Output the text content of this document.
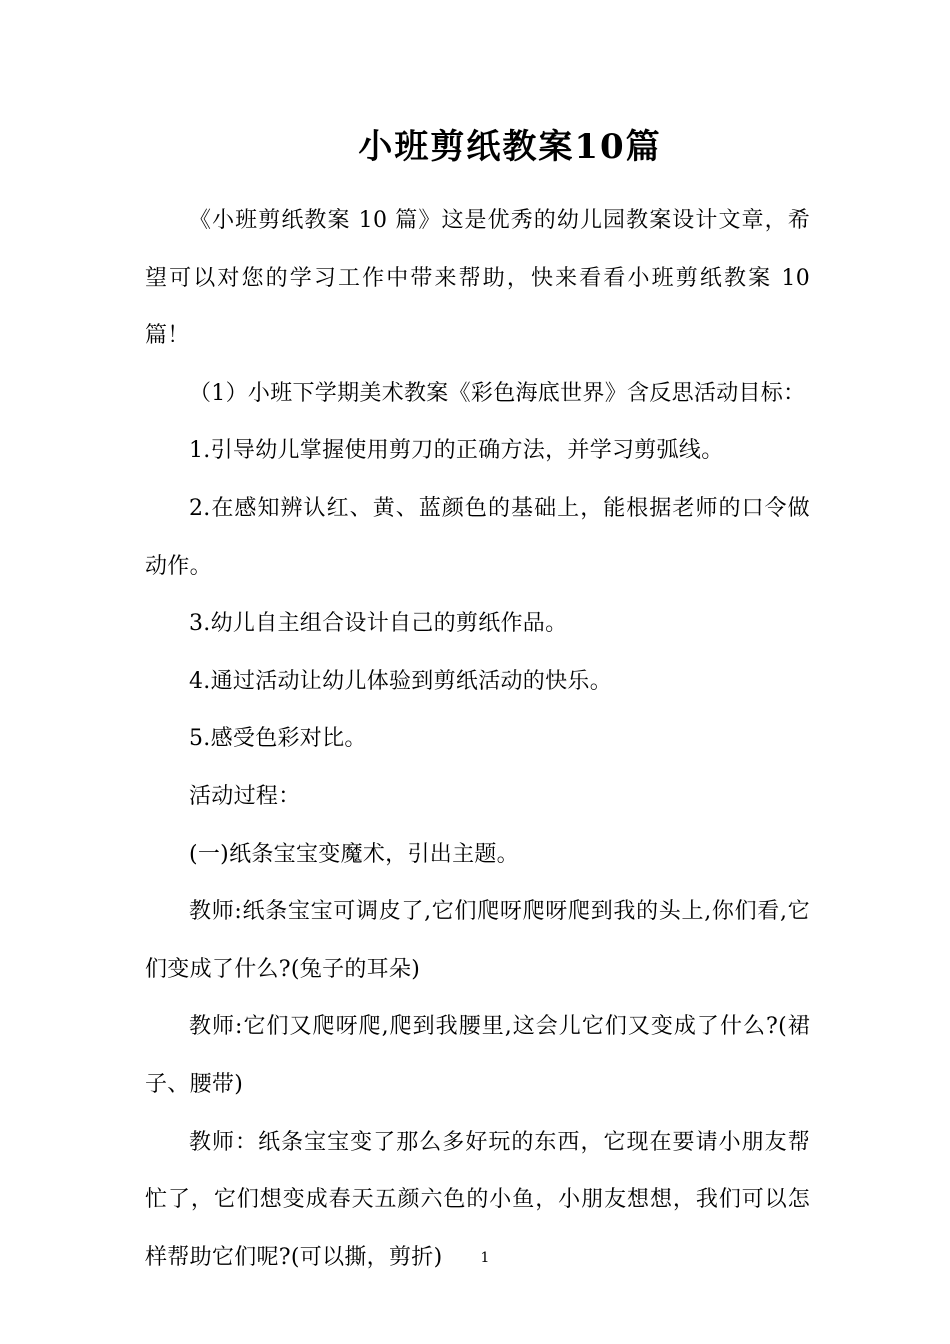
小班剪纸教案10篇

《小班剪纸教案 10 篇》这是优秀的幼儿园教案设计文章，希望可以对您的学习工作中带来帮助，快来看看小班剪纸教案 10 篇！

（1）小班下学期美术教案《彩色海底世界》含反思活动目标：

1.引导幼儿掌握使用剪刀的正确方法，并学习剪弧线。

2.在感知辨认红、黄、蓝颜色的基础上，能根据老师的口令做动作。

3.幼儿自主组合设计自己的剪纸作品。

4.通过活动让幼儿体验到剪纸活动的快乐。

5.感受色彩对比。

活动过程：

(一)纸条宝宝变魔术，引出主题。

教师:纸条宝宝可调皮了,它们爬呀爬呀爬到我的头上,你们看,它们变成了什么?(兔子的耳朵)

教师:它们又爬呀爬,爬到我腰里,这会儿它们又变成了什么?(裙子、腰带)

教师：纸条宝宝变了那么多好玩的东西，它现在要请小朋友帮忙了，它们想变成春天五颜六色的小鱼，小朋友想想，我们可以怎样帮助它们呢?(可以撕，剪折)	1
